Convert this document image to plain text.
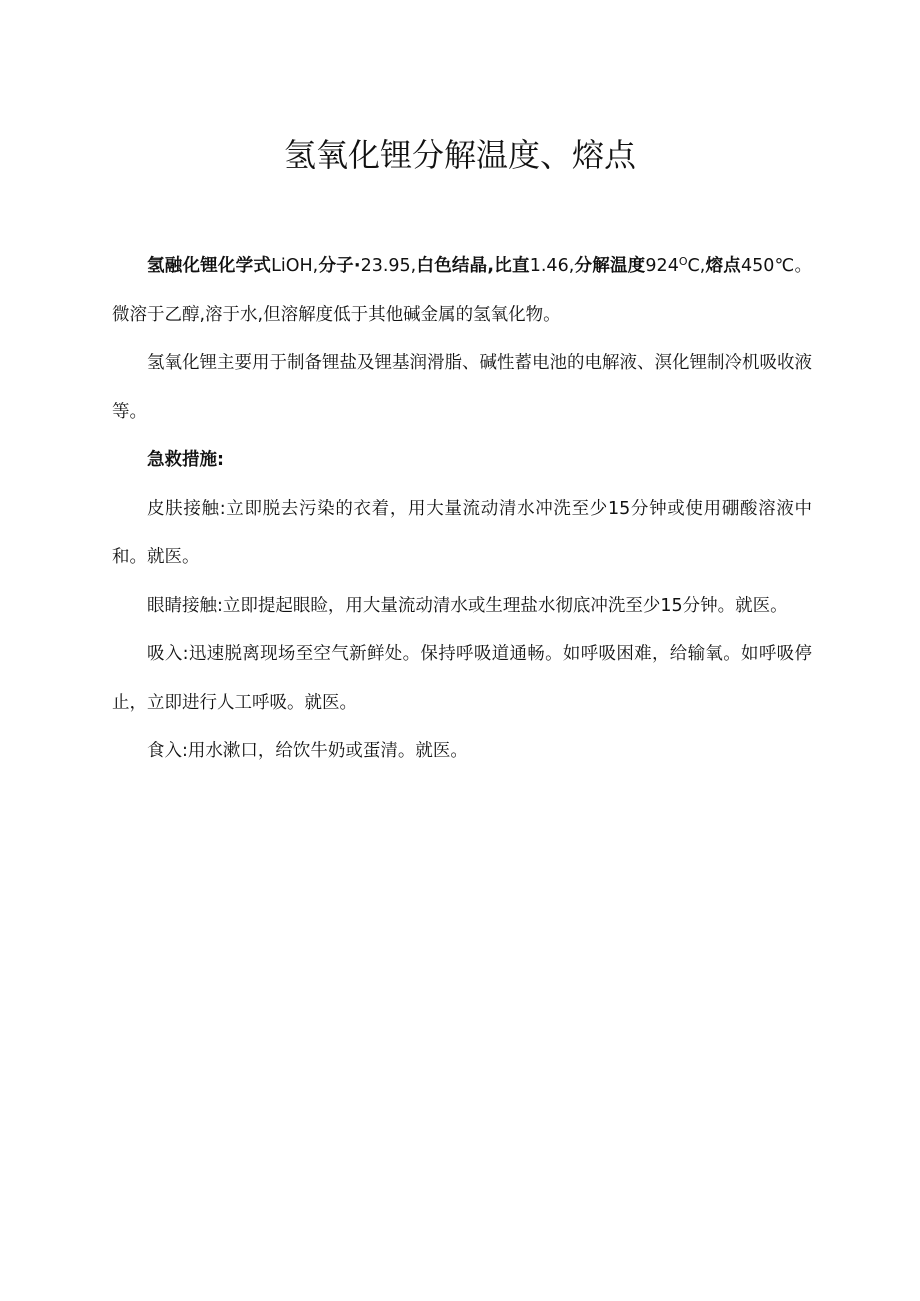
氢氧化锂分解温度、熔点

氢融化锂化学式LiOH,分子·23.95,白色结晶,比直1.46,分解温度$924^OC$,熔点450℃。微溶于乙醇,溶于水,但溶解度低于其他碱金属的氢氧化物。

氢氧化锂主要用于制备锂盐及锂基润滑脂、碱性蓄电池的电解液、溟化锂制冷机吸收液等。

急救措施:

皮肤接触:立即脱去污染的衣着，用大量流动清水冲洗至少15分钟或使用硼酸溶液中和。就医。

眼睛接触:立即提起眼睑，用大量流动清水或生理盐水彻底冲洗至少15分钟。就医。

吸入:迅速脱离现场至空气新鲜处。保持呼吸道通畅。如呼吸困难，给输氧。如呼吸停止，立即进行人工呼吸。就医。

食入:用水漱口，给饮牛奶或蛋清。就医。
